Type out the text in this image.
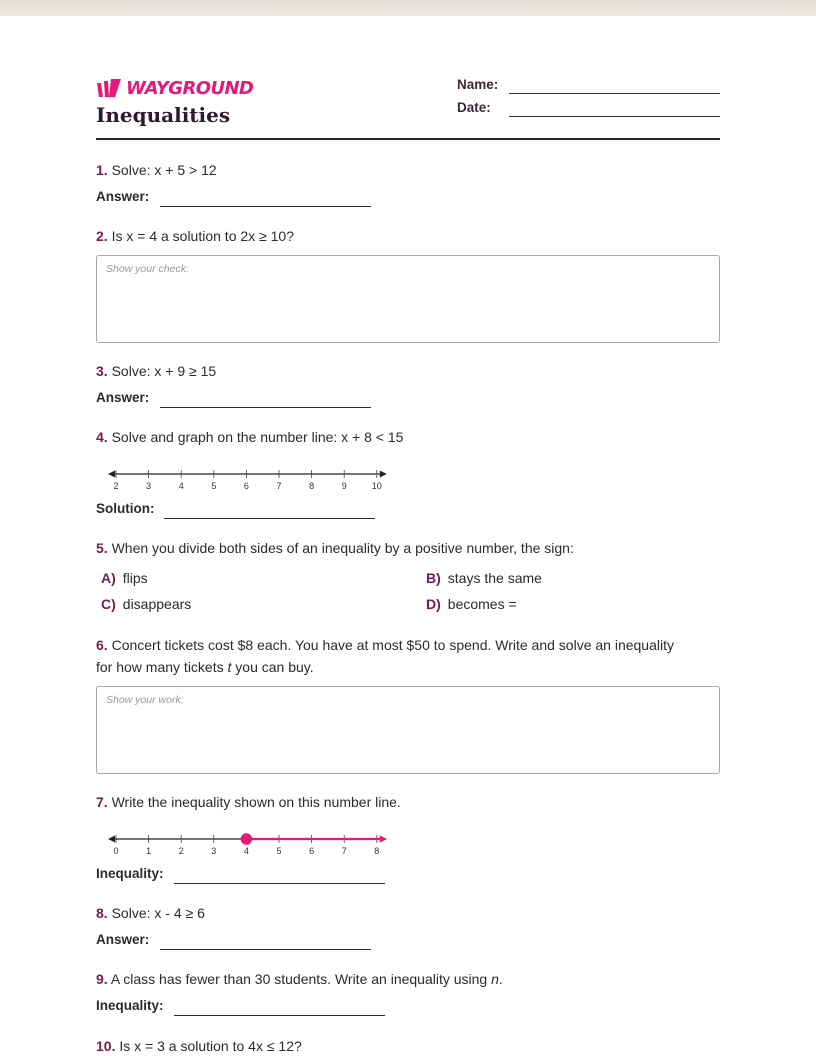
WAYGROUND
Inequalities
Name:
Date:
1. Solve: x + 5 > 12
Answer:
2. Is x = 4 a solution to 2x ≥ 10?
Show your check:
3. Solve: x + 9 ≥ 15
Answer:
4. Solve and graph on the number line: x + 8 < 15
2	3	4	5	6	7	8	9	10
Solution:
5. When you divide both sides of an inequality by a positive number, the sign:
A) flips	B) stays the same
C) disappears	D) becomes =
6. Concert tickets cost $8 each. You have at most $50 to spend. Write and solve an inequality
for how many tickets t you can buy.
Show your work:
7. Write the inequality shown on this number line.
0	1	2	3	4	5	6	7	8
Inequality:
8. Solve: x - 4 ≥ 6
Answer:
9. A class has fewer than 30 students. Write an inequality using n.
Inequality:
10. Is x = 3 a solution to 4x ≤ 12?
